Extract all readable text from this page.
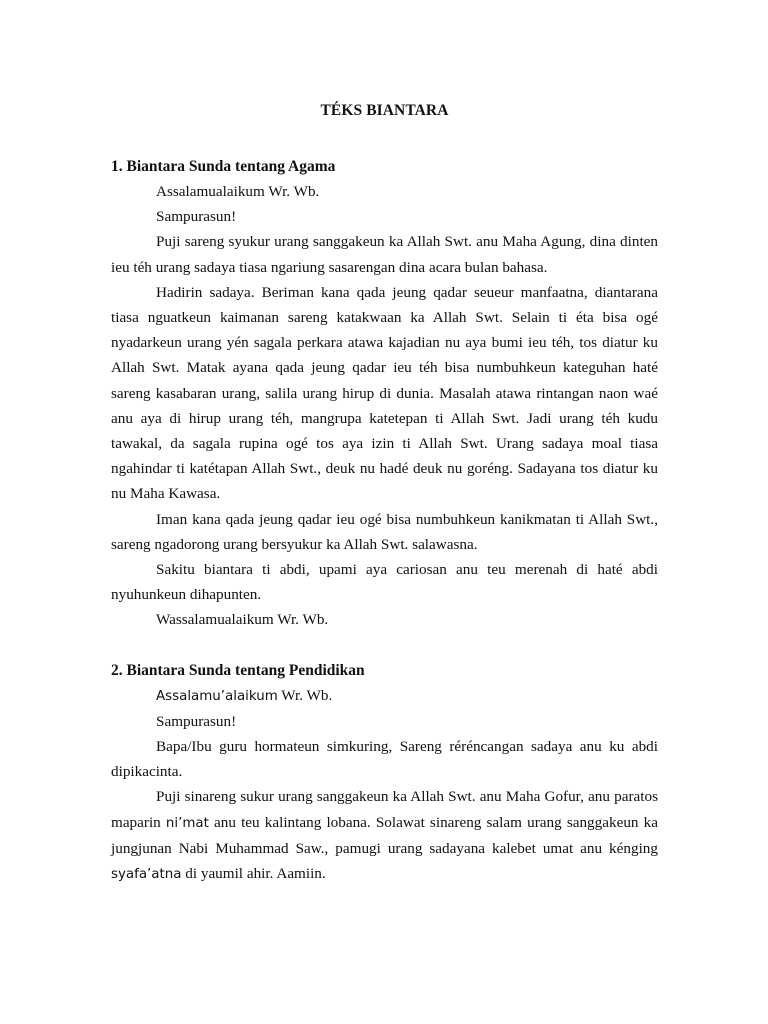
TÉKS BIANTARA
1. Biantara Sunda tentang Agama

Assalamualaikum Wr. Wb.

Sampurasun!

Puji sareng syukur urang sanggakeun ka Allah Swt. anu Maha Agung, dina dinten ieu téh urang sadaya tiasa ngariung sasarengan dina acara bulan bahasa.

Hadirin sadaya. Beriman kana qada jeung qadar seueur manfaatna, diantarana tiasa nguatkeun kaimanan sareng katakwaan ka Allah Swt. Selain ti éta bisa ogé nyadarkeun urang yén sagala perkara atawa kajadian nu aya bumi ieu téh, tos diatur ku Allah Swt. Matak ayana qada jeung qadar ieu téh bisa numbuhkeun kateguhan haté sareng kasabaran urang, salila urang hirup di dunia. Masalah atawa rintangan naon waé anu aya di hirup urang téh, mangrupa katetepan ti Allah Swt. Jadi urang téh kudu tawakal, da sagala rupina ogé tos aya izin ti Allah Swt. Urang sadaya moal tiasa ngahindar ti katétapan Allah Swt., deuk nu hadé deuk nu goréng. Sadayana tos diatur ku nu Maha Kawasa.

Iman kana qada jeung qadar ieu ogé bisa numbuhkeun kanikmatan ti Allah Swt., sareng ngadorong urang bersyukur ka Allah Swt. salawasna.

Sakitu biantara ti abdi, upami aya cariosan anu teu merenah di haté abdi nyuhunkeun dihapunten.

Wassalamualaikum Wr. Wb.

2. Biantara Sunda tentang Pendidikan

Assalamu’alaikum Wr. Wb.

Sampurasun!

Bapa/Ibu guru hormateun simkuring, Sareng réréncangan sadaya anu ku abdi dipikacinta.

Puji sinareng sukur urang sanggakeun ka Allah Swt. anu Maha Gofur, anu paratos maparin ni’mat anu teu kalintang lobana. Solawat sinareng salam urang sanggakeun ka jungjunan Nabi Muhammad Saw., pamugi urang sadayana kalebet umat anu kénging syafa’atna di yaumil ahir. Aamiin.
